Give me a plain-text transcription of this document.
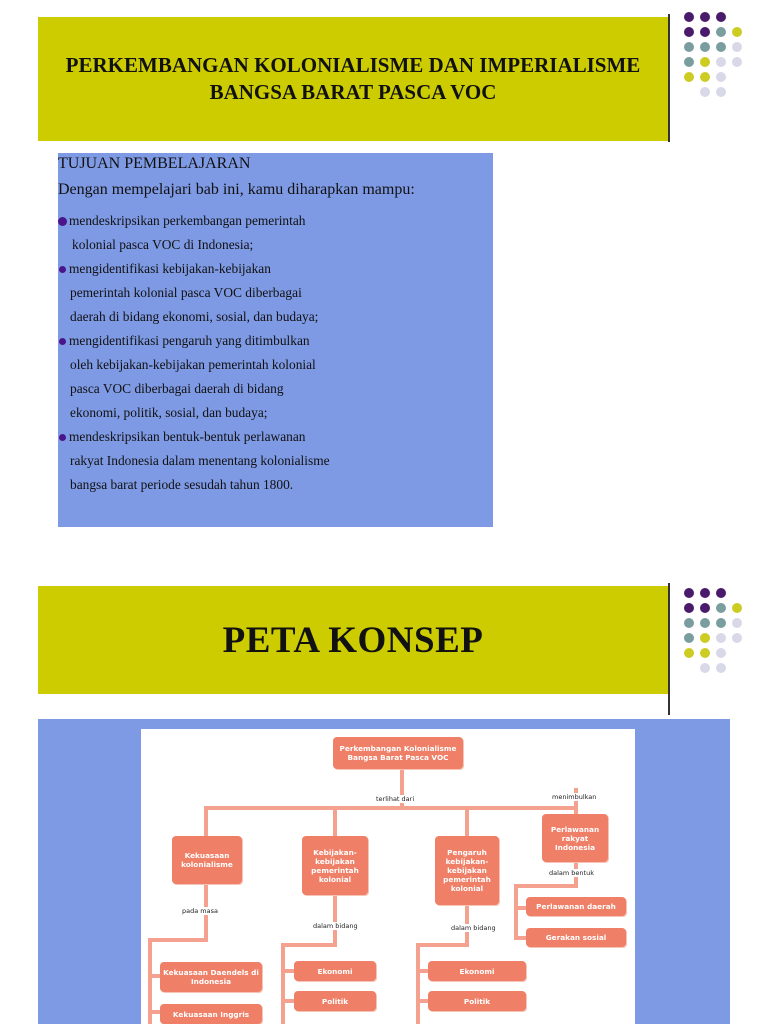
PERKEMBANGAN KOLONIALISME DAN IMPERIALISME
BANGSA BARAT PASCA VOC
TUJUAN PEMBELAJARAN
Dengan mempelajari bab ini, kamu diharapkan mampu:
mendeskripsikan perkembangan pemerintah
kolonial pasca VOC di Indonesia;
mengidentifikasi kebijakan-kebijakan
pemerintah kolonial pasca VOC diberbagai
daerah di bidang ekonomi, sosial, dan budaya;
mengidentifikasi pengaruh yang ditimbulkan
oleh kebijakan-kebijakan pemerintah kolonial
pasca VOC diberbagai daerah di bidang
ekonomi, politik, sosial, dan budaya;
mendeskripsikan bentuk-bentuk perlawanan
rakyat Indonesia dalam menentang kolonialisme
bangsa barat periode sesudah tahun 1800.
PETA KONSEP
Perkembangan Kolonialisme Bangsa Barat Pasca VOC
terlihat dari	menimbulkan
Kekuasaan kolonialisme
Kebijakan-kebijakan pemerintah kolonial
Pengaruh kebijakan-kebijakan pemerintah kolonial
Perlawanan rakyat Indonesia
dalam bentuk
Perlawanan daerah
Gerakan sosial
pada masa
dalam bidang	dalam bidang
Kekuasaan Daendels di Indonesia
Kekuasaan Inggris
Ekonomi
Politik
Ekonomi
Politik
